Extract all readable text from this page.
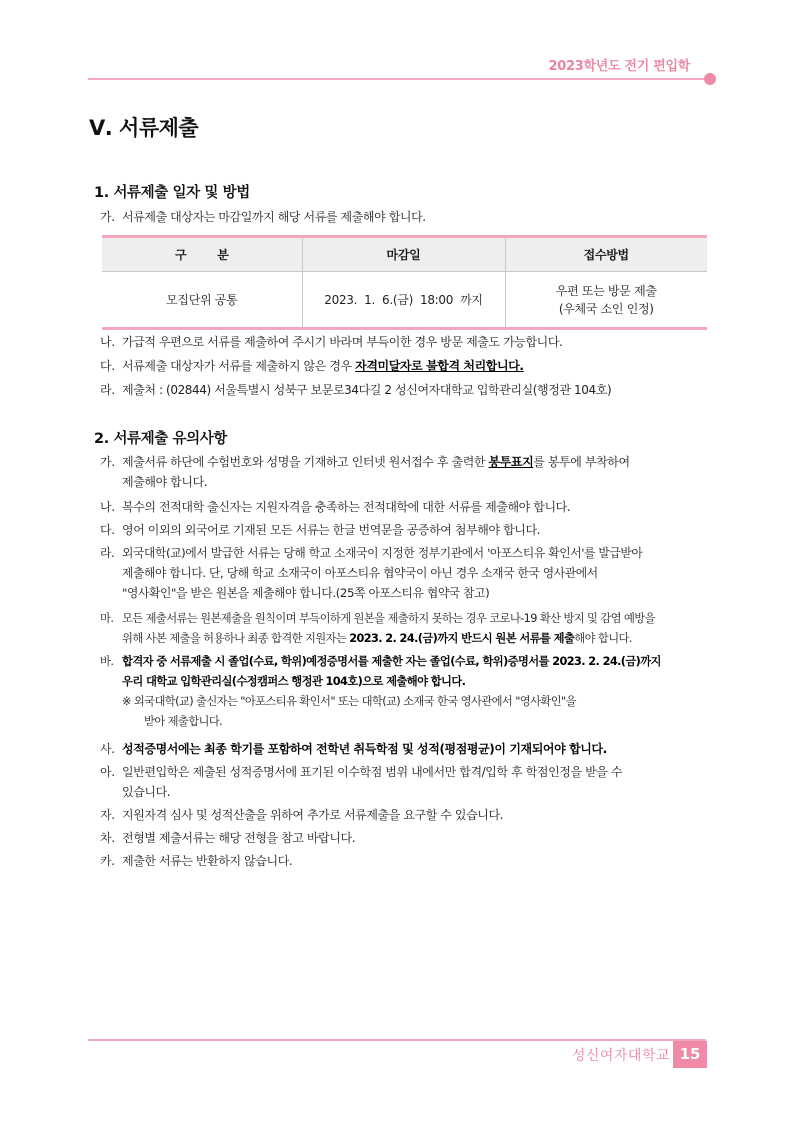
2023학년도 전기 편입학
Ⅴ. 서류제출
1. 서류제출 일자 및 방법
가. 서류제출 대상자는 마감일까지 해당 서류를 제출해야 합니다.
구        분	마감일	접수방법
모집단위 공통	2023.  1.  6.(금)  18:00  까지	우편 또는 방문 제출
(우체국 소인 인정)
나. 가급적 우편으로 서류를 제출하여 주시기 바라며 부득이한 경우 방문 제출도 가능합니다.
다. 서류제출 대상자가 서류를 제출하지 않은 경우 자격미달자로 불합격 처리합니다.
라. 제출처 : (02844) 서울특별시 성북구 보문로34다길 2 성신여자대학교 입학관리실(행정관 104호)
2. 서류제출 유의사항
가. 제출서류 하단에 수험번호와 성명을 기재하고 인터넷 원서접수 후 출력한 봉투표지를 봉투에 부착하여
제출해야 합니다.
나. 복수의 전적대학 출신자는 지원자격을 충족하는 전적대학에 대한 서류를 제출해야 합니다.
다. 영어 이외의 외국어로 기재된 모든 서류는 한글 번역문을 공증하여 첨부해야 합니다.
라. 외국대학(교)에서 발급한 서류는 당해 학교 소재국이 지정한 정부기관에서 '아포스티유 확인서'를 발급받아
제출해야 합니다. 단, 당해 학교 소재국이 아포스티유 협약국이 아닌 경우 소재국 한국 영사관에서
"영사확인"을 받은 원본을 제출해야 합니다.(25쪽 아포스티유 협약국 참고)
마. 모든 제출서류는 원본제출을 원칙이며 부득이하게 원본을 제출하지 못하는 경우 코로나-19 확산 방지 및 감염 예방을
위해 사본 제출을 허용하나 최종 합격한 지원자는 2023. 2. 24.(금)까지 반드시 원본 서류를 제출해야 합니다.
바. 합격자 중 서류제출 시 졸업(수료, 학위)예정증명서를 제출한 자는 졸업(수료, 학위)증명서를 2023. 2. 24.(금)까지
우리 대학교 입학관리실(수정캠퍼스 행정관 104호)으로 제출해야 합니다.
※ 외국대학(교) 출신자는 "아포스티유 확인서" 또는 대학(교) 소재국 한국 영사관에서 "영사확인"을
받아 제출합니다.
사. 성적증명서에는 최종 학기를 포함하여 전학년 취득학점 및 성적(평점평균)이 기재되어야 합니다.
아. 일반편입학은 제출된 성적증명서에 표기된 이수학점 범위 내에서만 합격/입학 후 학점인정을 받을 수
있습니다.
자. 지원자격 심사 및 성적산출을 위하여 추가로 서류제출을 요구할 수 있습니다.
차. 전형별 제출서류는 해당 전형을 참고 바랍니다.
카. 제출한 서류는 반환하지 않습니다.
성신여자대학교 15
